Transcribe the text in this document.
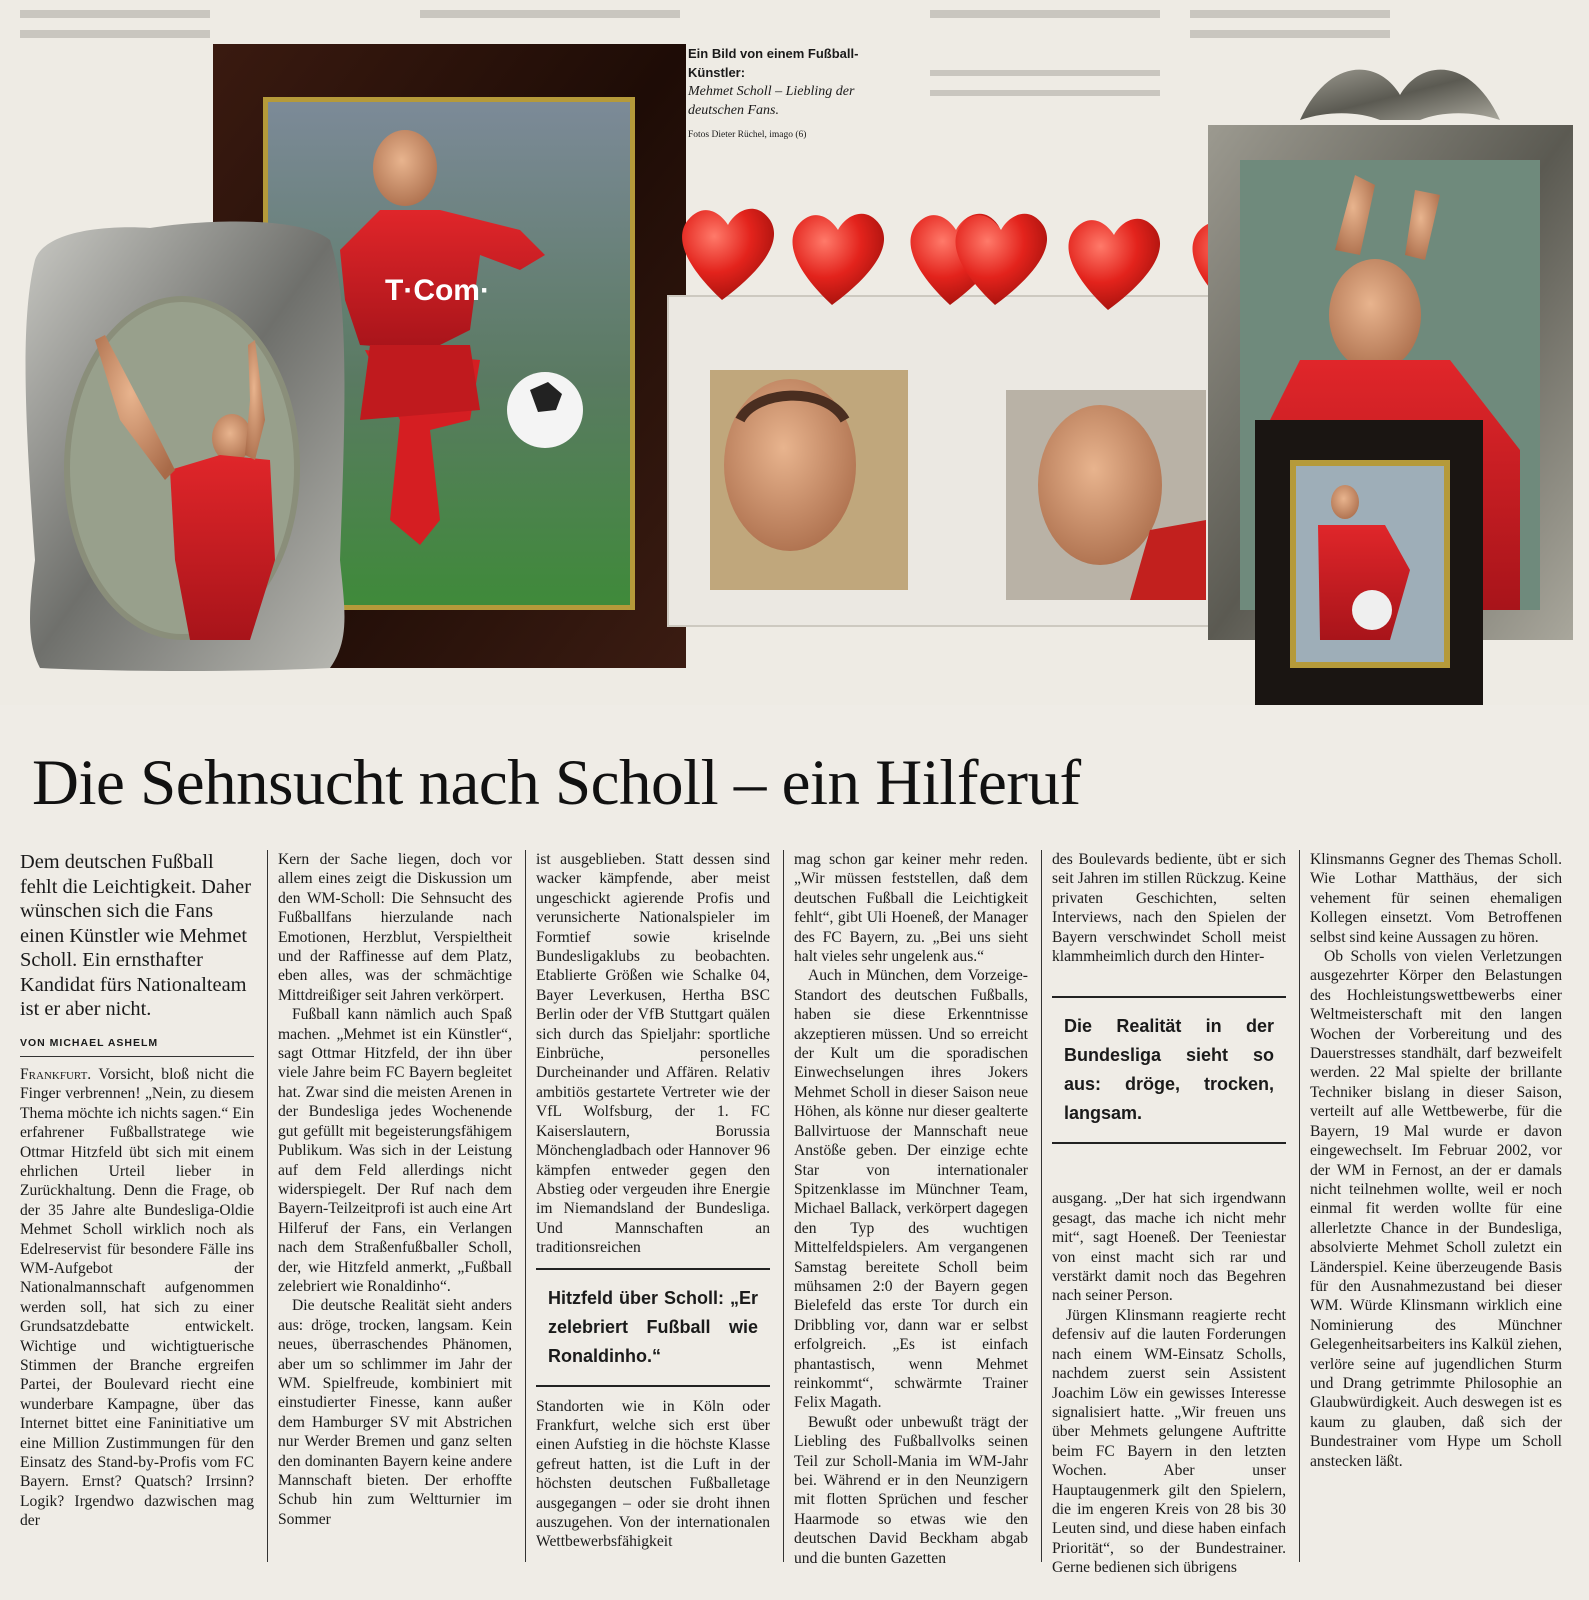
T·Com·
Ein Bild von einem Fußball-Künstler:
Mehmet Scholl – Liebling der deutschen Fans.
Fotos Dieter Rüchel, imago (6)
Die Sehnsucht nach Scholl – ein Hilferuf
Dem deutschen Fußball fehlt die Leichtigkeit. Daher wünschen sich die Fans einen Künstler wie Mehmet Scholl. Ein ernsthafter Kandidat fürs Nationalteam ist er aber nicht.
VON MICHAEL ASHELM

Frankfurt. Vorsicht, bloß nicht die Finger verbrennen! „Nein, zu diesem Thema möchte ich nichts sagen.“ Ein erfahrener Fußballstratege wie Ottmar Hitzfeld übt sich mit einem ehrlichen Urteil lieber in Zurückhaltung. Denn die Frage, ob der 35 Jahre alte Bundesliga-Oldie Mehmet Scholl wirklich noch als Edelreservist für besondere Fälle ins WM-Aufgebot der Nationalmannschaft aufgenommen werden soll, hat sich zu einer Grundsatzdebatte entwickelt. Wichtige und wichtigtuerische Stimmen der Branche ergreifen Partei, der Boulevard riecht eine wunderbare Kampagne, über das Internet bittet eine Faninitiative um eine Million Zustimmungen für den Einsatz des Stand-by-Profis vom FC Bayern. Ernst? Quatsch? Irrsinn? Logik? Irgendwo dazwischen mag der

Kern der Sache liegen, doch vor allem eines zeigt die Diskussion um den WM-Scholl: Die Sehnsucht des Fußballfans hierzulande nach Emotionen, Herzblut, Verspieltheit und der Raffinesse auf dem Platz, eben alles, was der schmächtige Mittdreißiger seit Jahren verkörpert.

Fußball kann nämlich auch Spaß machen. „Mehmet ist ein Künstler“, sagt Ottmar Hitzfeld, der ihn über viele Jahre beim FC Bayern begleitet hat. Zwar sind die meisten Arenen in der Bundesliga jedes Wochenende gut gefüllt mit begeisterungsfähigem Publikum. Was sich in der Leistung auf dem Feld allerdings nicht widerspiegelt. Der Ruf nach dem Bayern-Teilzeitprofi ist auch eine Art Hilferuf der Fans, ein Verlangen nach dem Straßenfußballer Scholl, der, wie Hitzfeld anmerkt, „Fußball zelebriert wie Ronaldinho“.

Die deutsche Realität sieht anders aus: dröge, trocken, langsam. Kein neues, überraschendes Phänomen, aber um so schlimmer im Jahr der WM. Spielfreude, kombiniert mit einstudierter Finesse, kann außer dem Hamburger SV mit Abstrichen nur Werder Bremen und ganz selten den dominanten Bayern keine andere Mannschaft bieten. Der erhoffte Schub hin zum Weltturnier im Sommer

ist ausgeblieben. Statt dessen sind wacker kämpfende, aber meist ungeschickt agierende Profis und verunsicherte Nationalspieler im Formtief sowie kriselnde Bundesligaklubs zu beobachten. Etablierte Größen wie Schalke 04, Bayer Leverkusen, Hertha BSC Berlin oder der VfB Stuttgart quälen sich durch das Spieljahr: sportliche Einbrüche, personelles Durcheinander und Affären. Relativ ambitiös gestartete Vertreter wie der VfL Wolfsburg, der 1. FC Kaiserslautern, Borussia Mönchengladbach oder Hannover 96 kämpfen entweder gegen den Abstieg oder vergeuden ihre Energie im Niemandsland der Bundesliga. Und Mannschaften an traditionsreichen

Hitzfeld über Scholl: „Er zelebriert Fußball wie Ronaldinho.“

Standorten wie in Köln oder Frankfurt, welche sich erst über einen Aufstieg in die höchste Klasse gefreut hatten, ist die Luft in der höchsten deutschen Fußballetage ausgegangen – oder sie droht ihnen auszugehen. Von der internationalen Wettbewerbsfähigkeit

mag schon gar keiner mehr reden. „Wir müssen feststellen, daß dem deutschen Fußball die Leichtigkeit fehlt“, gibt Uli Hoeneß, der Manager des FC Bayern, zu. „Bei uns sieht halt vieles sehr ungelenk aus.“

Auch in München, dem Vorzeige-Standort des deutschen Fußballs, haben sie diese Erkenntnisse akzeptieren müssen. Und so erreicht der Kult um die sporadischen Einwechselungen ihres Jokers Mehmet Scholl in dieser Saison neue Höhen, als könne nur dieser gealterte Ballvirtuose der Mannschaft neue Anstöße geben. Der einzige echte Star von internationaler Spitzenklasse im Münchner Team, Michael Ballack, verkörpert dagegen den Typ des wuchtigen Mittelfeldspielers. Am vergangenen Samstag bereitete Scholl beim mühsamen 2:0 der Bayern gegen Bielefeld das erste Tor durch ein Dribbling vor, dann war er selbst erfolgreich. „Es ist einfach phantastisch, wenn Mehmet reinkommt“, schwärmte Trainer Felix Magath.

Bewußt oder unbewußt trägt der Liebling des Fußballvolks seinen Teil zur Scholl-Mania im WM-Jahr bei. Während er in den Neunzigern mit flotten Sprüchen und fescher Haarmode so etwas wie den deutschen David Beckham abgab und die bunten Gazetten

des Boulevards bediente, übt er sich seit Jahren im stillen Rückzug. Keine privaten Geschichten, selten Interviews, nach den Spielen der Bayern verschwindet Scholl meist klammheimlich durch den Hinter-

Die Realität in der Bundesliga sieht so aus: dröge, trocken, langsam.

ausgang. „Der hat sich irgendwann gesagt, das mache ich nicht mehr mit“, sagt Hoeneß. Der Teeniestar von einst macht sich rar und verstärkt damit noch das Begehren nach seiner Person.

Jürgen Klinsmann reagierte recht defensiv auf die lauten Forderungen nach einem WM-Einsatz Scholls, nachdem zuerst sein Assistent Joachim Löw ein gewisses Interesse signalisiert hatte. „Wir freuen uns über Mehmets gelungene Auftritte beim FC Bayern in den letzten Wochen. Aber unser Hauptaugenmerk gilt den Spielern, die im engeren Kreis von 28 bis 30 Leuten sind, und diese haben einfach Priorität“, so der Bundestrainer. Gerne bedienen sich übrigens

Klinsmanns Gegner des Themas Scholl. Wie Lothar Matthäus, der sich vehement für seinen ehemaligen Kollegen einsetzt. Vom Betroffenen selbst sind keine Aussagen zu hören.

Ob Scholls von vielen Verletzungen ausgezehrter Körper den Belastungen des Hochleistungswettbewerbs einer Weltmeisterschaft mit den langen Wochen der Vorbereitung und des Dauerstresses standhält, darf bezweifelt werden. 22 Mal spielte der brillante Techniker bislang in dieser Saison, verteilt auf alle Wettbewerbe, für die Bayern, 19 Mal wurde er davon eingewechselt. Im Februar 2002, vor der WM in Fernost, an der er damals nicht teilnehmen wollte, weil er noch einmal fit werden wollte für eine allerletzte Chance in der Bundesliga, absolvierte Mehmet Scholl zuletzt ein Länderspiel. Keine überzeugende Basis für den Ausnahmezustand bei dieser WM. Würde Klinsmann wirklich eine Nominierung des Münchner Gelegenheitsarbeiters ins Kalkül ziehen, verlöre seine auf jugendlichen Sturm und Drang getrimmte Philosophie an Glaubwürdigkeit. Auch deswegen ist es kaum zu glauben, daß sich der Bundestrainer vom Hype um Scholl anstecken läßt.
